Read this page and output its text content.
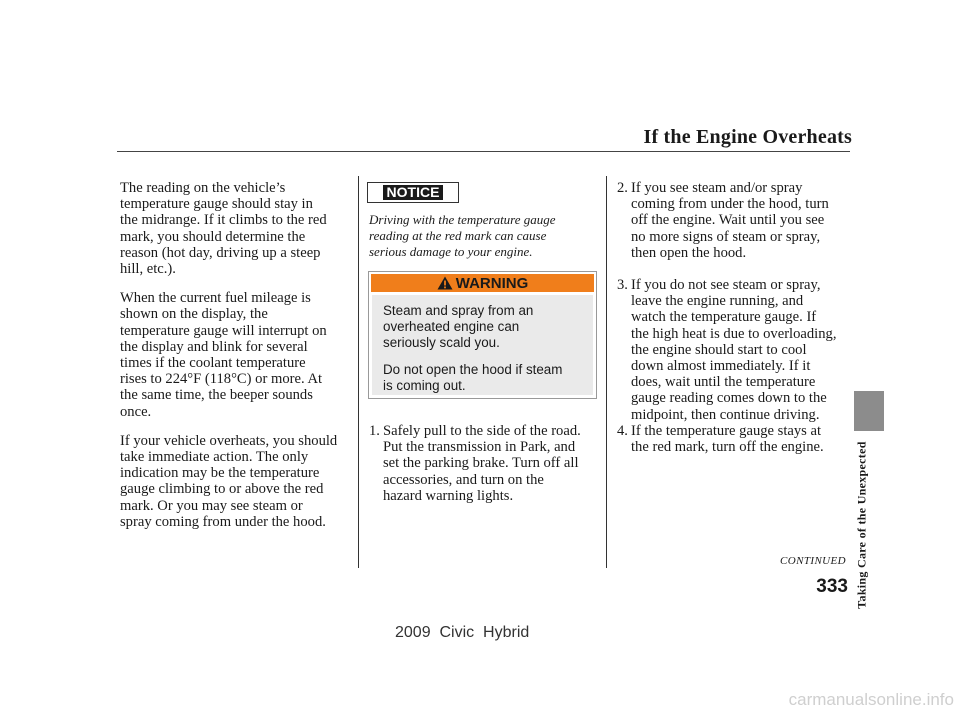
If the Engine Overheats

The reading on the vehicle’s
temperature gauge should stay in
the midrange. If it climbs to the red
mark, you should determine the
reason (hot day, driving up a steep
hill, etc.).

When the current fuel mileage is
shown on the display, the
temperature gauge will interrupt on
the display and blink for several
times if the coolant temperature
rises to 224°F (118°C) or more. At
the same time, the beeper sounds
once.

If your vehicle overheats, you should
take immediate action. The only
indication may be the temperature
gauge climbing to or above the red
mark. Or you may see steam or
spray coming from under the hood.

NOTICE
Driving with the temperature gauge
reading at the red mark can cause
serious damage to your engine.
WARNING

Steam and spray from an
overheated engine can
seriously scald you.

Do not open the hood if steam
is coming out.

1. Safely pull to the side of the road.
Put the transmission in Park, and
set the parking brake. Turn off all
accessories, and turn on the
hazard warning lights.
2. If you see steam and/or spray
coming from under the hood, turn
off the engine. Wait until you see
no more signs of steam or spray,
then open the hood.
3. If you do not see steam or spray,
leave the engine running, and
watch the temperature gauge. If
the high heat is due to overloading,
the engine should start to cool
down almost immediately. If it
does, wait until the temperature
gauge reading comes down to the
midpoint, then continue driving.
4. If the temperature gauge stays at
the red mark, turn off the engine.	Taking Care of the Unexpected
CONTINUED
333
2009  Civic  Hybrid
carmanualsonline.info
